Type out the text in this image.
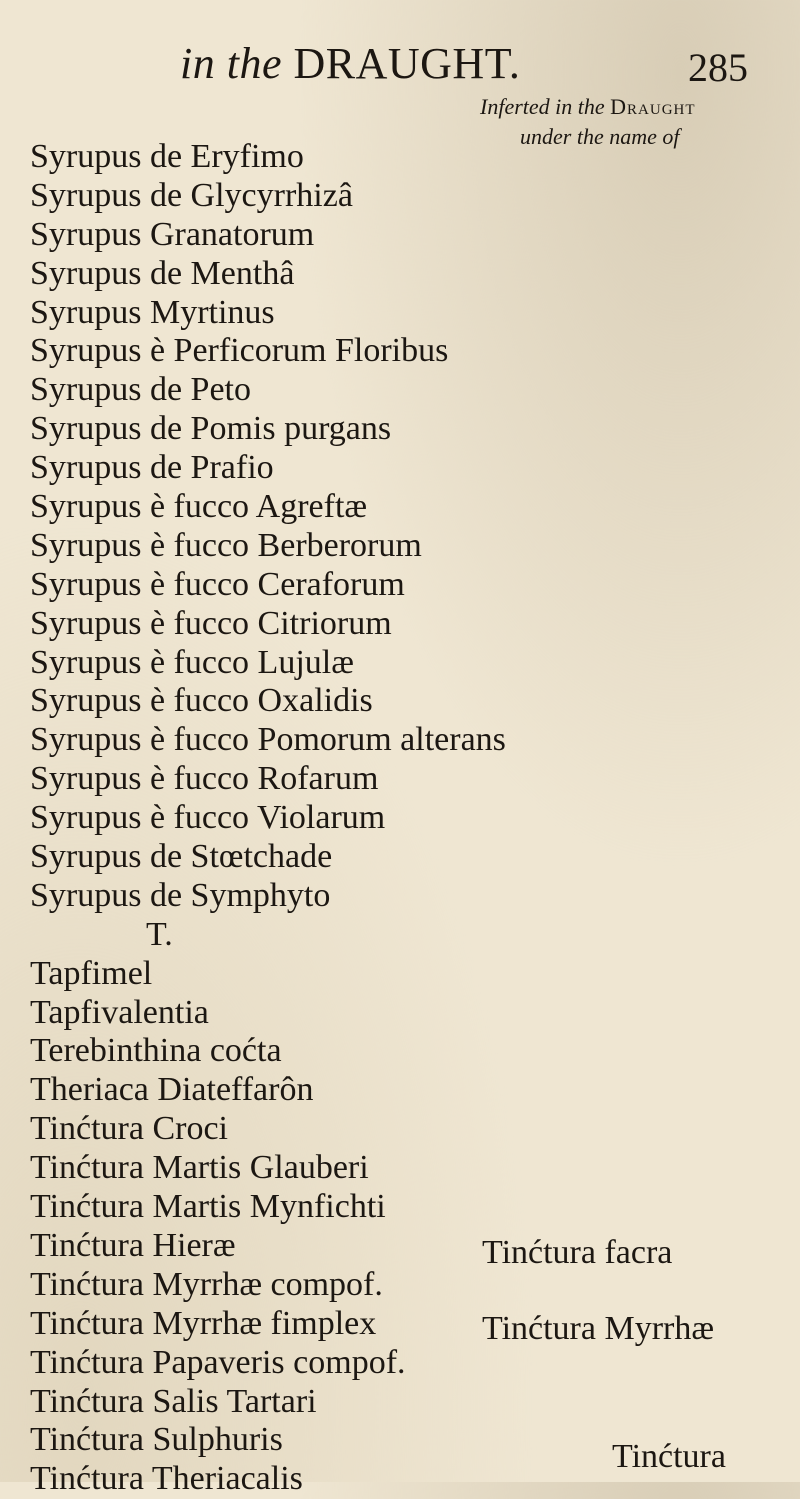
in the DRAUGHT.	285
Inferted in the Draught
under the name of
Syrupus de Eryfimo
Syrupus de Glycyrrhizâ
Syrupus Granatorum
Syrupus de Menthâ
Syrupus Myrtinus
Syrupus è Perficorum Floribus
Syrupus de Peto
Syrupus de Pomis purgans
Syrupus de Prafio
Syrupus è fucco Agreftæ
Syrupus è fucco Berberorum
Syrupus è fucco Ceraforum
Syrupus è fucco Citriorum
Syrupus è fucco Lujulæ
Syrupus è fucco Oxalidis
Syrupus è fucco Pomorum alterans
Syrupus è fucco Rofarum
Syrupus è fucco Violarum
Syrupus de Stœtchade
Syrupus de Symphyto
T.
Tapfimel
Tapfivalentia
Terebinthina coćta
Theriaca Diateffarôn
Tinćtura Croci
Tinćtura Martis Glauberi
Tinćtura Martis Mynfichti
Tinćtura Hieræ
Tinćtura Myrrhæ compof.
Tinćtura Myrrhæ fimplex
Tinćtura Papaveris compof.
Tinćtura Salis Tartari
Tinćtura Sulphuris
Tinćtura Theriacalis
Tinćtura facra
Tinćtura Myrrhæ
Tinćtura
